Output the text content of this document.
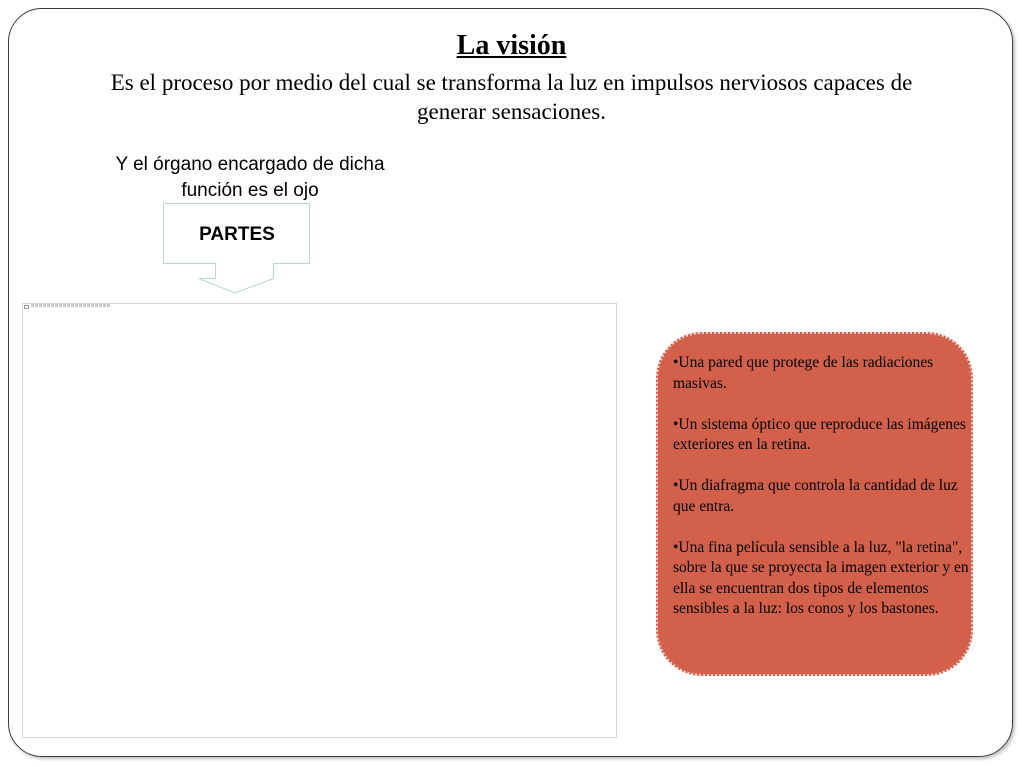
La visión
Es el proceso por medio del cual se transforma la luz en impulsos nerviosos capaces de generar sensaciones.
Y el órgano encargado de dicha función es el ojo
PARTES
•Una pared que protege de las radiaciones masivas.
•Un sistema óptico que reproduce las imágenes exteriores en la retina.
•Un diafragma que controla la cantidad de luz que entra.
•Una fina película sensible a la luz, "la retina", sobre la que se proyecta la imagen exterior y en ella se encuentran dos tipos de elementos sensibles a la luz: los conos y los bastones.
